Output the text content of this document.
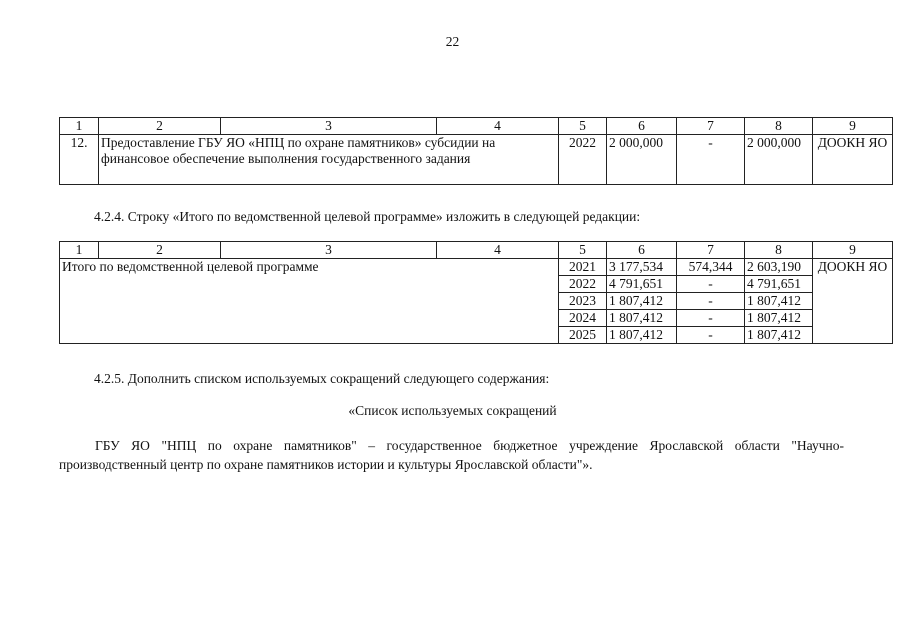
22
1	2	3	4	5	6	7	8	9
12.	Предоставление ГБУ ЯО «НПЦ по охране памятников» субсидии на финансовое обеспечение выполнения государственного задания			2022	2 000,000	-	2 000,000	ДООКН ЯО
4.2.4. Строку «Итого по ведомственной целевой программе» изложить в следующей редакции:
1	2	3	4	5	6	7	8	9
Итого по ведомственной целевой программе				2021	3 177,534	574,344	2 603,190	ДООКН ЯО
				2022	4 791,651	-	4 791,651	
				2023	1 807,412	-	1 807,412	
				2024	1 807,412	-	1 807,412	
				2025	1 807,412	-	1 807,412	
4.2.5. Дополнить списком используемых сокращений следующего содержания:
«Список используемых сокращений
ГБУ ЯО "НПЦ по охране памятников" – государственное бюджетное учреждение Ярославской области "Научно-производственный центр по охране памятников истории и культуры Ярославской области"».
